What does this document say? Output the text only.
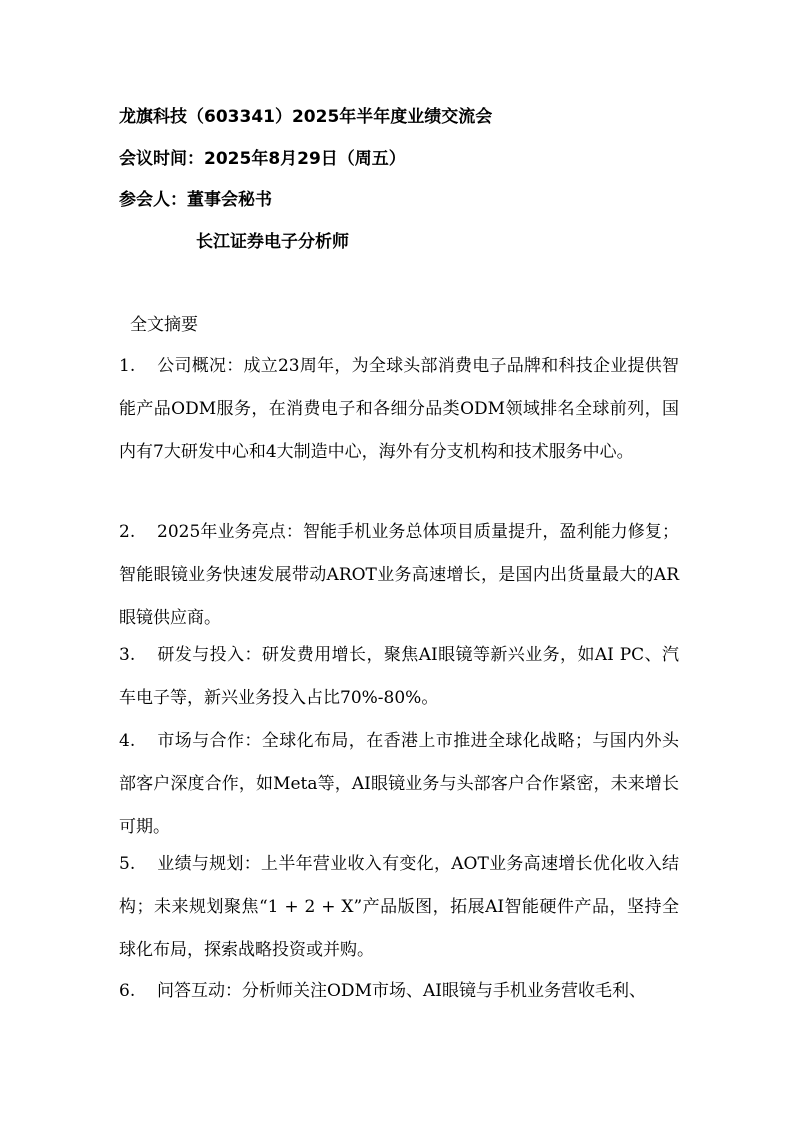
龙旗科技（603341）2025年半年度业绩交流会
会议时间：2025年8月29日（周五）
参会人：董事会秘书
长江证券电子分析师
全文摘要
1. 公司概况：成立23周年，为全球头部消费电子品牌和科技企业提供智能产品ODM服务，在消费电子和各细分品类ODM领域排名全球前列，国内有7大研发中心和4大制造中心，海外有分支机构和技术服务中心。
2. 2025年业务亮点：智能手机业务总体项目质量提升，盈利能力修复；智能眼镜业务快速发展带动AROT业务高速增长，是国内出货量最大的AR眼镜供应商。
3. 研发与投入：研发费用增长，聚焦AI眼镜等新兴业务，如AI PC、汽车电子等，新兴业务投入占比70%-80%。
4. 市场与合作：全球化布局，在香港上市推进全球化战略；与国内外头部客户深度合作，如Meta等，AI眼镜业务与头部客户合作紧密，未来增长可期。
5. 业绩与规划：上半年营业收入有变化，AOT业务高速增长优化收入结构；未来规划聚焦“1 + 2 + X”产品版图，拓展AI智能硬件产品，坚持全球化布局，探索战略投资或并购。
6. 问答互动：分析师关注ODM市场、AI眼镜与手机业务营收毛利、
